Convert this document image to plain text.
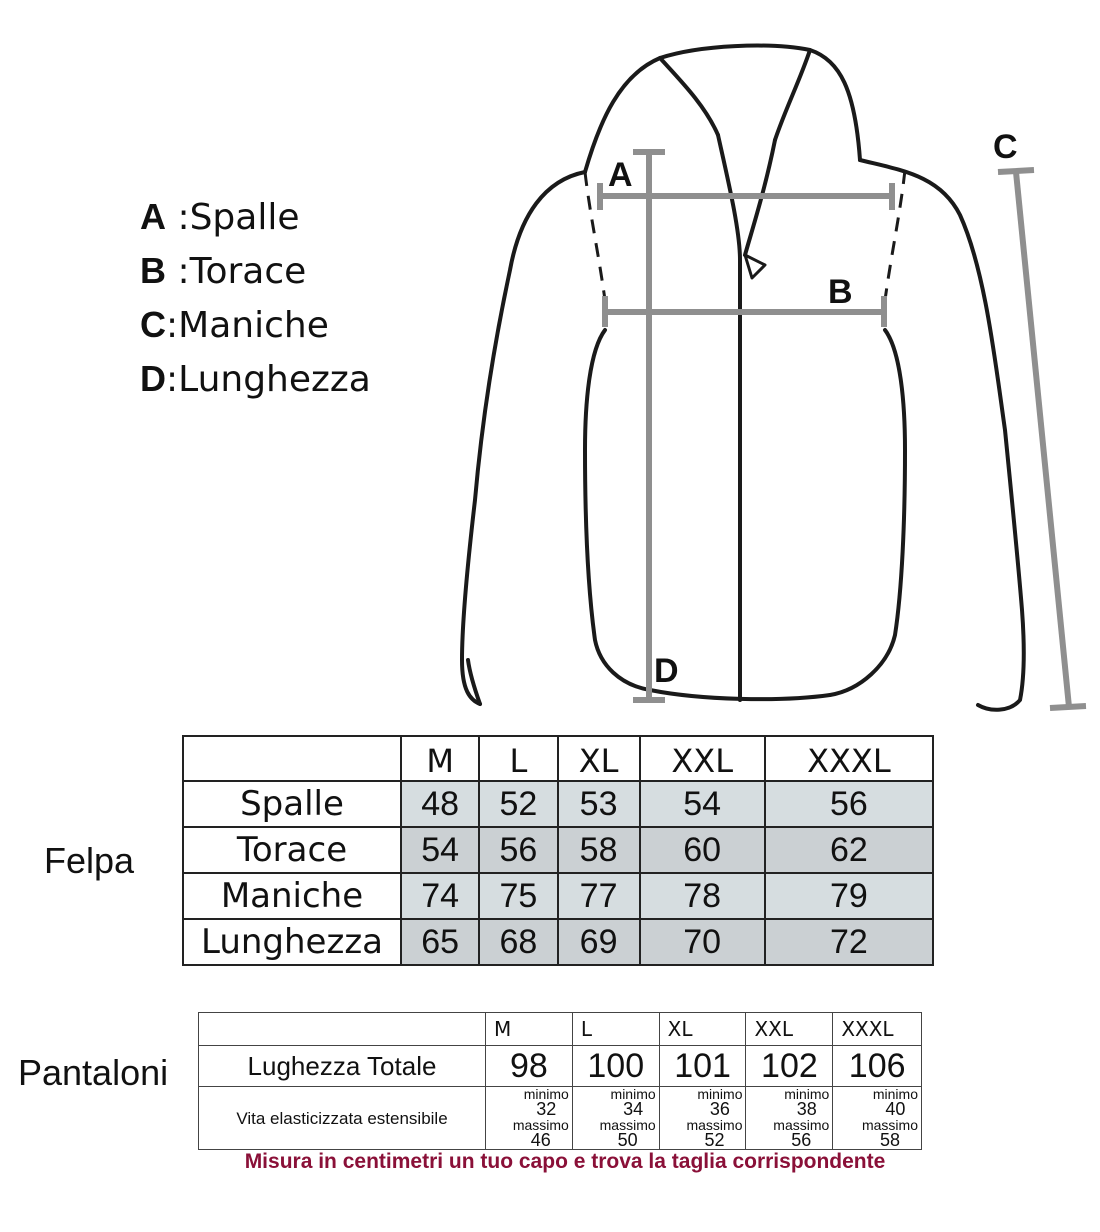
A
B
C
D
A :Spalle
B :Torace
C:Maniche
D:Lunghezza
Felpa
	M	L	XL	XXL	XXXL
Spalle	48	52	53	54	56
Torace	54	56	58	60	62
Maniche	74	75	77	78	79
Lunghezza	65	68	69	70	72
Pantaloni
	M	L	XL	XXL	XXXL
Lughezza Totale	98	100	101	102	106
Vita elasticizzata estensibile	minimo
32
massimo
46	minimo
34
massimo
50	minimo
36
massimo
52	minimo
38
massimo
56	minimo
40
massimo
58
Misura in centimetri un tuo capo e trova la taglia corrispondente
